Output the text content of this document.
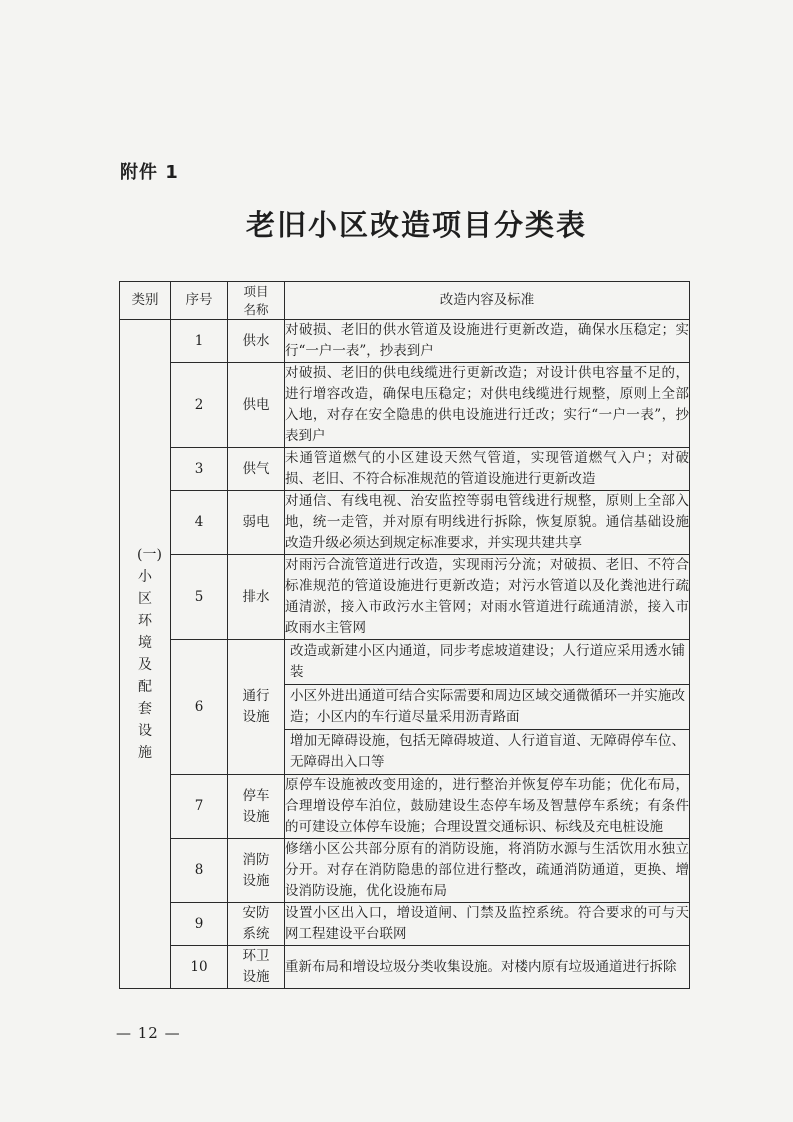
附件 1
老旧小区改造项目分类表
类别	序号	项目名称	改造内容及标准

(一)小区环境及配套设施	1	供水	对破损、老旧的供水管道及设施进行更新改造，确保水压稳定；实行“一户一表”，抄表到户
	2	供电	对破损、老旧的供电线缆进行更新改造；对设计供电容量不足的，进行增容改造，确保电压稳定；对供电线缆进行规整，原则上全部入地，对存在安全隐患的供电设施进行迁改；实行“一户一表”，抄表到户
	3	供气	未通管道燃气的小区建设天然气管道，实现管道燃气入户；对破损、老旧、不符合标准规范的管道设施进行更新改造
	4	弱电	对通信、有线电视、治安监控等弱电管线进行规整，原则上全部入地，统一走管，并对原有明线进行拆除，恢复原貌。通信基础设施改造升级必须达到规定标准要求，并实现共建共享
	5	排水	对雨污合流管道进行改造，实现雨污分流；对破损、老旧、不符合标准规范的管道设施进行更新改造；对污水管道以及化粪池进行疏通清淤，接入市政污水主管网；对雨水管道进行疏通清淤，接入市政雨水主管网
	6	通行设施	改造或新建小区内通道，同步考虑坡道建设；人行道应采用透水铺装
小区外进出通道可结合实际需要和周边区域交通微循环一并实施改造；小区内的车行道尽量采用沥青路面
增加无障碍设施，包括无障碍坡道、人行道盲道、无障碍停车位、无障碍出入口等

	7	停车设施	原停车设施被改变用途的，进行整治并恢复停车功能；优化布局，合理增设停车泊位，鼓励建设生态停车场及智慧停车系统；有条件的可建设立体停车设施；合理设置交通标识、标线及充电桩设施
	8	消防设施	修缮小区公共部分原有的消防设施，将消防水源与生活饮用水独立分开。对存在消防隐患的部位进行整改，疏通消防通道，更换、增设消防设施，优化设施布局
	9	安防系统	设置小区出入口，增设道闸、门禁及监控系统。符合要求的可与天网工程建设平台联网
	10	环卫设施	重新布局和增设垃圾分类收集设施。对楼内原有垃圾通道进行拆除
— 12 —
